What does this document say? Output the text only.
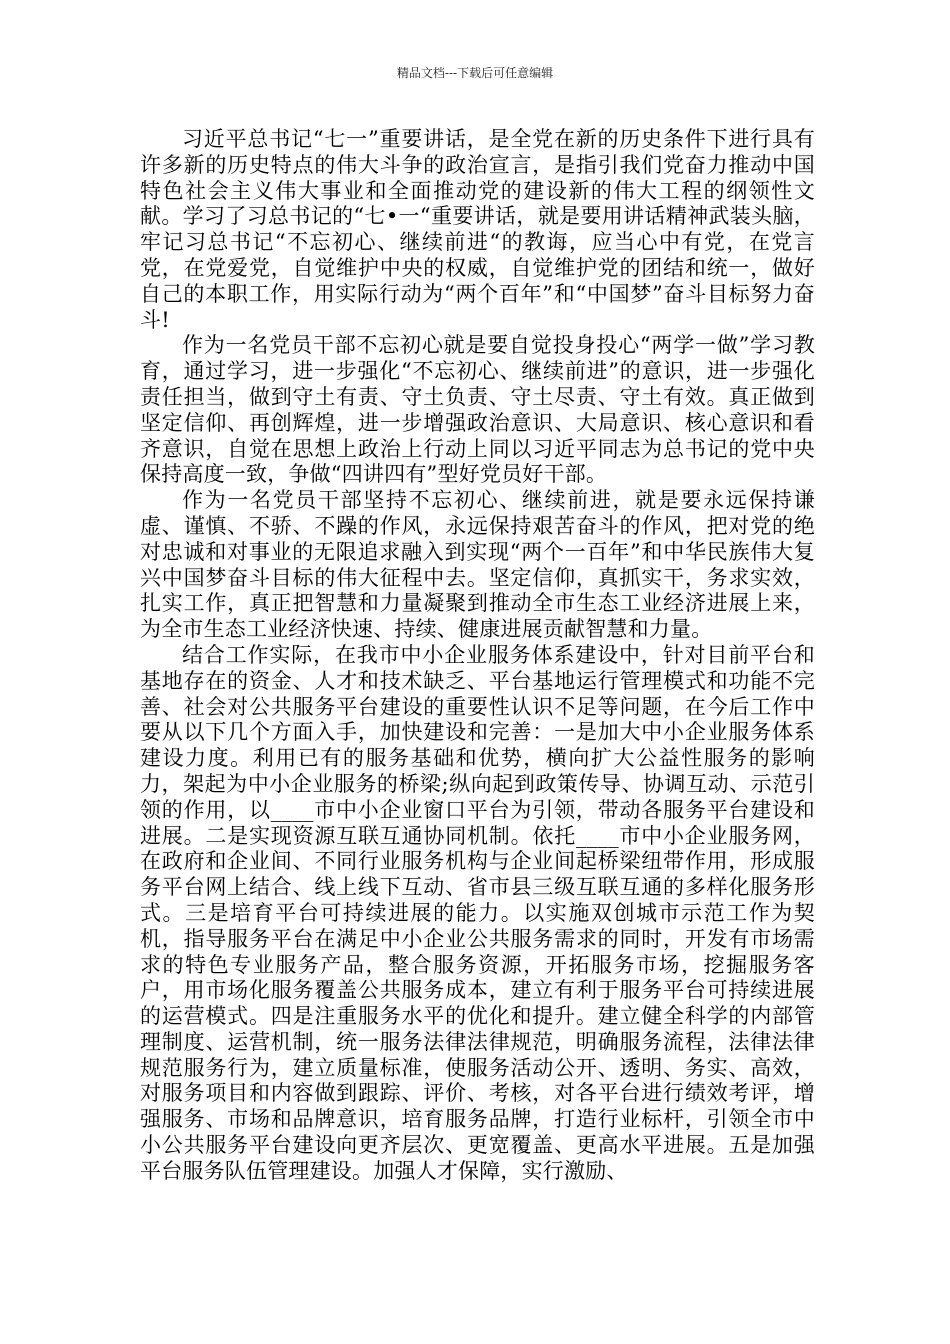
精品文档---下载后可任意编辑

习近平总书记“七一”重要讲话，是全党在新的历史条件下进行具有许多新的历史特点的伟大斗争的政治宣言，是指引我们党奋力推动中国特色社会主义伟大事业和全面推动党的建设新的伟大工程的纲领性文献。学习了习总书记的“七•一“重要讲话，就是要用讲话精神武装头脑，牢记习总书记“不忘初心、继续前进“的教诲，应当心中有党，在党言党，在党爱党，自觉维护中央的权威，自觉维护党的团结和统一，做好自己的本职工作，用实际行动为“两个百年”和“中国梦”奋斗目标努力奋斗!

作为一名党员干部不忘初心就是要自觉投身投心“两学一做”学习教育，通过学习，进一步强化“不忘初心、继续前进”的意识，进一步强化责任担当，做到守土有责、守土负责、守土尽责、守土有效。真正做到坚定信仰、再创辉煌，进一步增强政治意识、大局意识、核心意识和看齐意识，自觉在思想上政治上行动上同以习近平同志为总书记的党中央保持高度一致，争做“四讲四有”型好党员好干部。

作为一名党员干部坚持不忘初心、继续前进，就是要永远保持谦虚、谨慎、不骄、不躁的作风，永远保持艰苦奋斗的作风，把对党的绝对忠诚和对事业的无限追求融入到实现“两个一百年”和中华民族伟大复兴中国梦奋斗目标的伟大征程中去。坚定信仰，真抓实干，务求实效，扎实工作，真正把智慧和力量凝聚到推动全市生态工业经济进展上来，为全市生态工业经济快速、持续、健康进展贡献智慧和力量。

结合工作实际，在我市中小企业服务体系建设中，针对目前平台和基地存在的资金、人才和技术缺乏、平台基地运行管理模式和功能不完善、社会对公共服务平台建设的重要性认识不足等问题，在今后工作中要从以下几个方面入手，加快建设和完善：一是加大中小企业服务体系建设力度。利用已有的服务基础和优势，横向扩大公益性服务的影响力，架起为中小企业服务的桥梁;纵向起到政策传导、协调互动、示范引领的作用，以____市中小企业窗口平台为引领，带动各服务平台建设和进展。二是实现资源互联互通协同机制。依托____市中小企业服务网，在政府和企业间、不同行业服务机构与企业间起桥梁纽带作用，形成服务平台网上结合、线上线下互动、省市县三级互联互通的多样化服务形式。三是培育平台可持续进展的能力。以实施双创城市示范工作为契机，指导服务平台在满足中小企业公共服务需求的同时，开发有市场需求的特色专业服务产品，整合服务资源，开拓服务市场，挖掘服务客户，用市场化服务覆盖公共服务成本，建立有利于服务平台可持续进展的运营模式。四是注重服务水平的优化和提升。建立健全科学的内部管理制度、运营机制，统一服务法律法律规范，明确服务流程，法律法律规范服务行为，建立质量标准，使服务活动公开、透明、务实、高效，对服务项目和内容做到跟踪、评价、考核，对各平台进行绩效考评，增强服务、市场和品牌意识，培育服务品牌，打造行业标杆，引领全市中小公共服务平台建设向更齐层次、更宽覆盖、更高水平进展。五是加强平台服务队伍管理建设。加强人才保障，实行激励、
